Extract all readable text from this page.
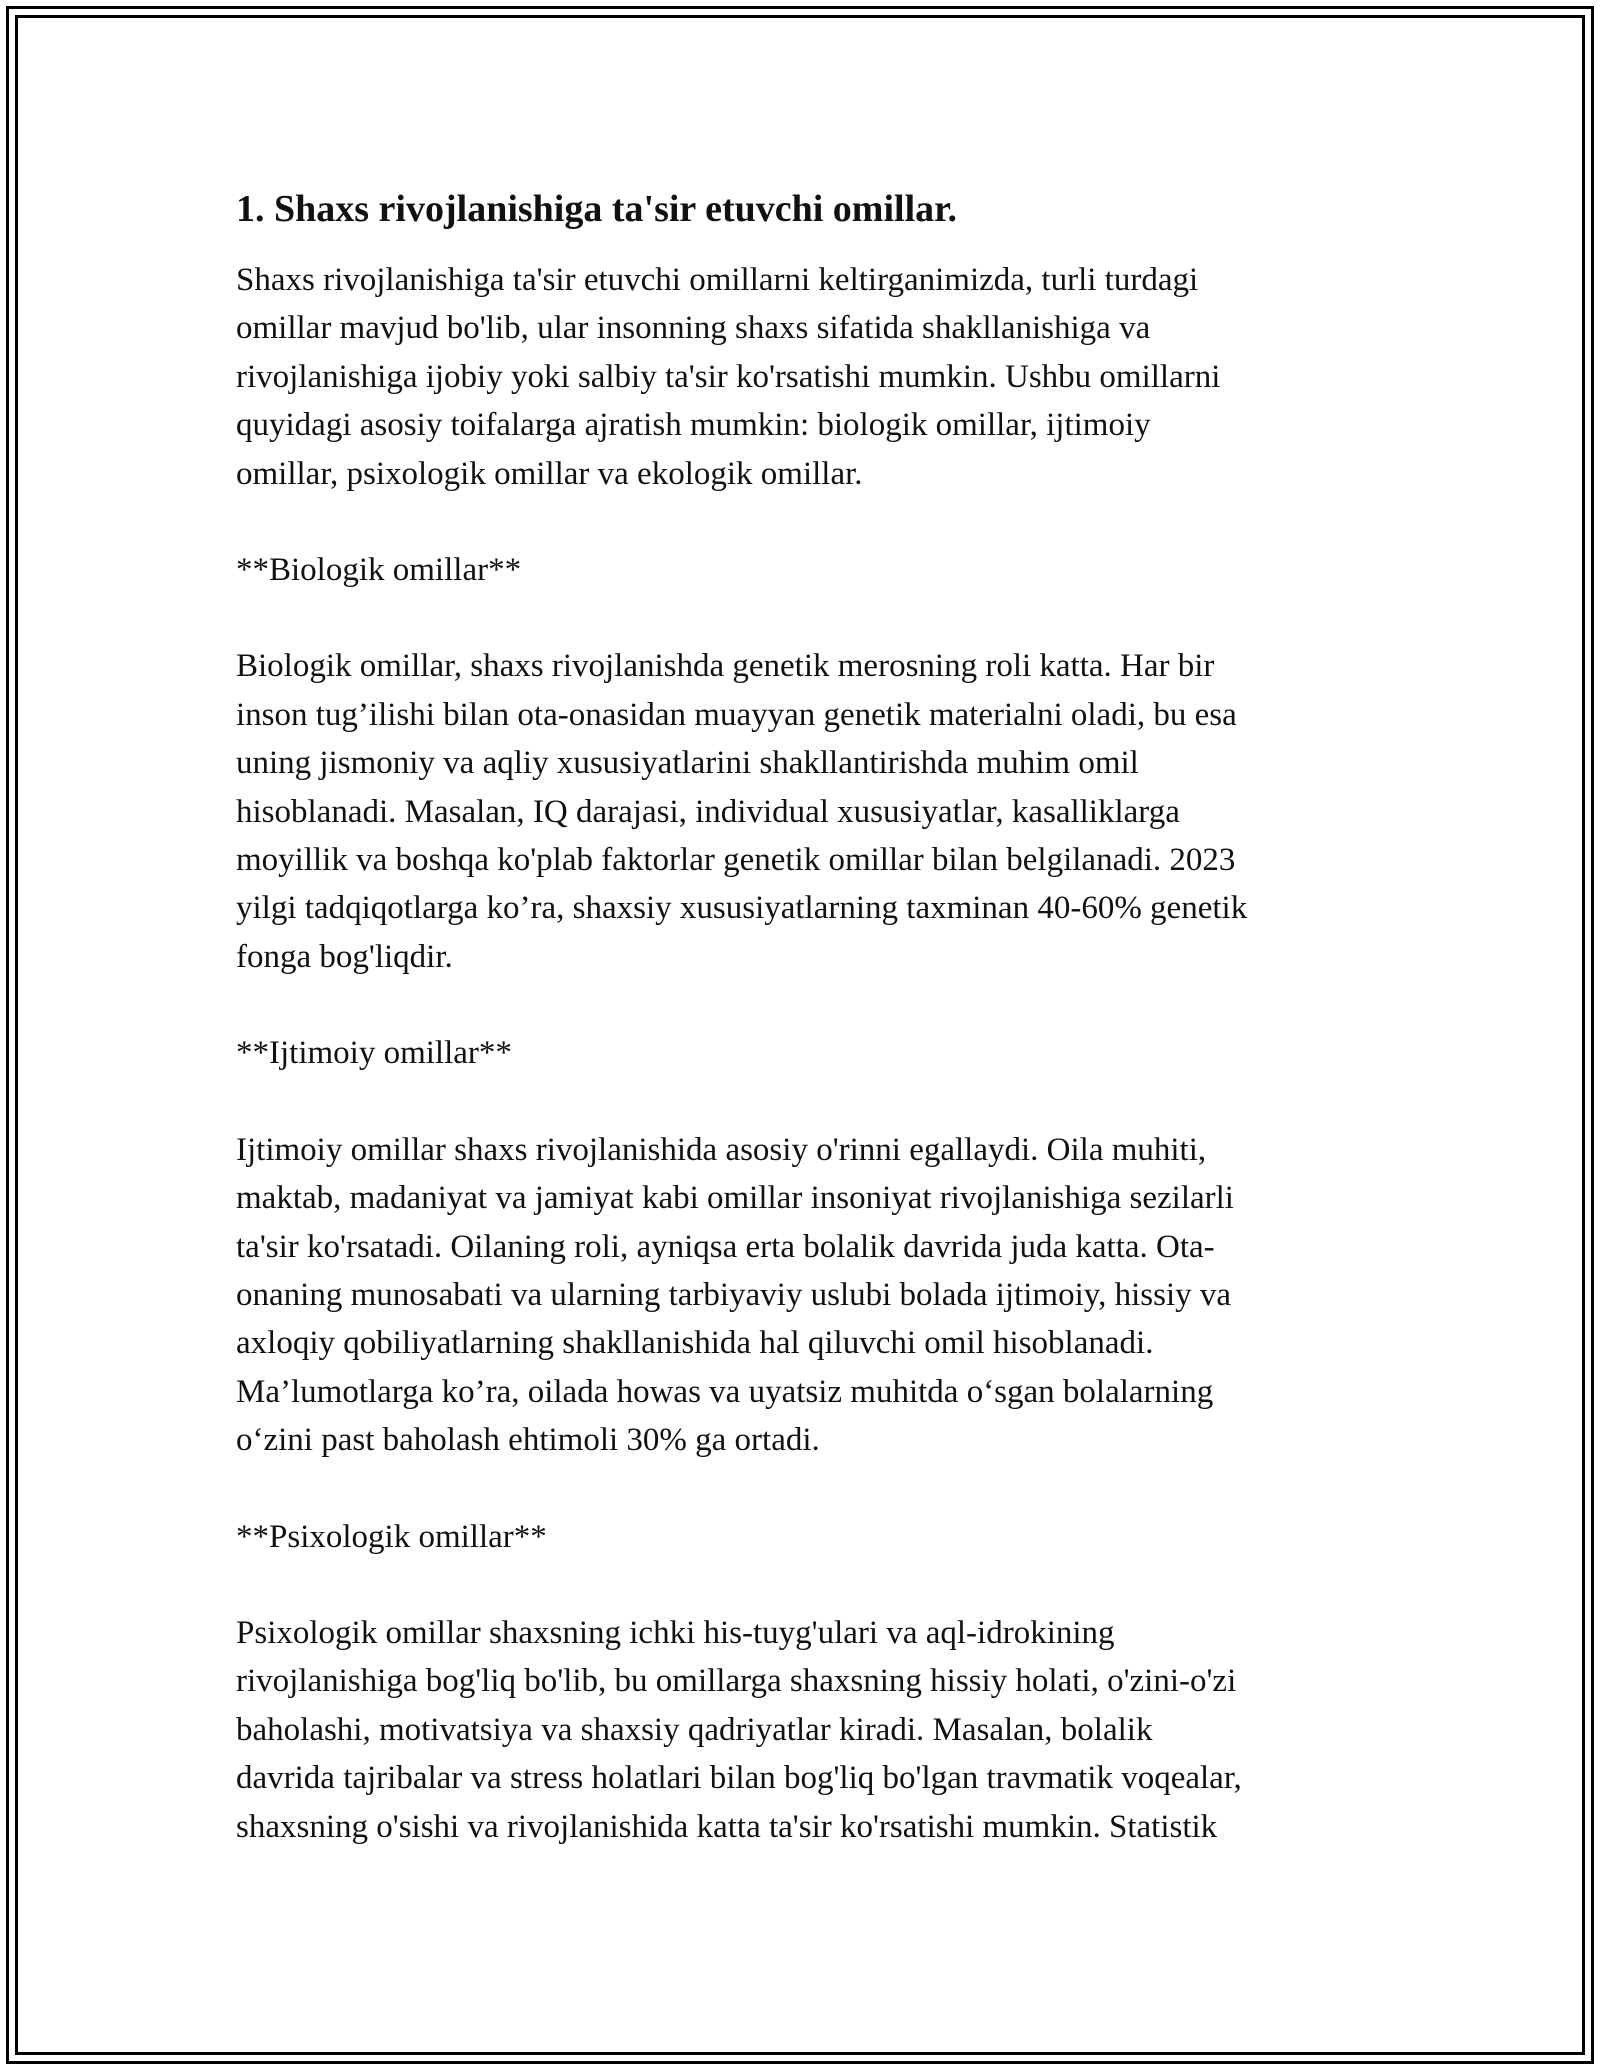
1. Shaxs rivojlanishiga ta'sir etuvchi omillar.
Shaxs rivojlanishiga ta'sir etuvchi omillarni keltirganimizda, turli turdagi
omillar mavjud bo'lib, ular insonning shaxs sifatida shakllanishiga va
rivojlanishiga ijobiy yoki salbiy ta'sir ko'rsatishi mumkin. Ushbu omillarni
quyidagi asosiy toifalarga ajratish mumkin: biologik omillar, ijtimoiy
omillar, psixologik omillar va ekologik omillar.
**Biologik omillar**
Biologik omillar, shaxs rivojlanishda genetik merosning roli katta. Har bir
inson tug’ilishi bilan ota-onasidan muayyan genetik materialni oladi, bu esa
uning jismoniy va aqliy xususiyatlarini shakllantirishda muhim omil
hisoblanadi. Masalan, IQ darajasi, individual xususiyatlar, kasalliklarga
moyillik va boshqa ko'plab faktorlar genetik omillar bilan belgilanadi. 2023
yilgi tadqiqotlarga ko’ra, shaxsiy xususiyatlarning taxminan 40-60% genetik
fonga bog'liqdir.
**Ijtimoiy omillar**
Ijtimoiy omillar shaxs rivojlanishida asosiy o'rinni egallaydi. Oila muhiti,
maktab, madaniyat va jamiyat kabi omillar insoniyat rivojlanishiga sezilarli
ta'sir ko'rsatadi. Oilaning roli, ayniqsa erta bolalik davrida juda katta. Ota-
onaning munosabati va ularning tarbiyaviy uslubi bolada ijtimoiy, hissiy va
axloqiy qobiliyatlarning shakllanishida hal qiluvchi omil hisoblanadi.
Ma’lumotlarga ko’ra, oilada howas va uyatsiz muhitda o‘sgan bolalarning
o‘zini past baholash ehtimoli 30% ga ortadi.
**Psixologik omillar**
Psixologik omillar shaxsning ichki his-tuyg'ulari va aql-idrokining
rivojlanishiga bog'liq bo'lib, bu omillarga shaxsning hissiy holati, o'zini-o'zi
baholashi, motivatsiya va shaxsiy qadriyatlar kiradi. Masalan, bolalik
davrida tajribalar va stress holatlari bilan bog'liq bo'lgan travmatik voqealar,
shaxsning o'sishi va rivojlanishida katta ta'sir ko'rsatishi mumkin. Statistik
